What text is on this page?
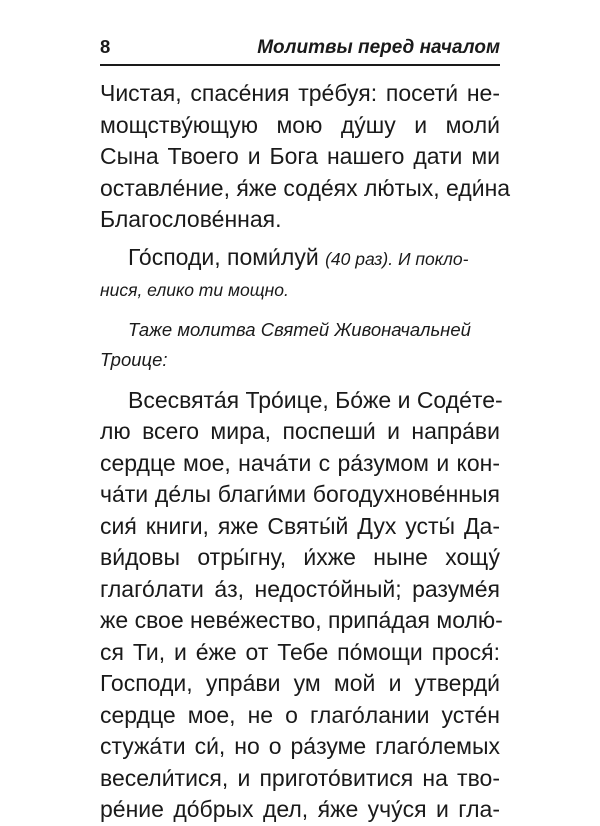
8	Молитвы перед началом
Чистая, спасе́ния тре́буя: посети́ не-
мощству́ющую мою ду́шу и моли́
Сына Твоего и Бога нашего дати ми
оставле́ние, я́же соде́ях лю́тых, еди́на
Благослове́нная.
Го́споди, поми́луй (40 раз). И покло-
нися, елико ти мощно.
Таже молитва Святей Живоначальней
Троице:
Всесвята́я Тро́ице, Бо́же и Соде́те-
лю всего мира, поспеши́ и напра́ви
сердце мое, нача́ти с ра́зумом и кон-
ча́ти де́лы благи́ми богодухнове́нныя
сия́ книги, яже Святы́й Дух усты́ Да-
ви́довы отры́гну, и́хже ныне хощу́
глаго́лати а́з, недосто́йный; разуме́я
же свое неве́жество, припа́дая молю́-
ся Ти, и е́же от Тебе по́мощи прося́:
Господи, упра́ви ум мой и утверди́
сердце мое, не о глаго́лании усте́н
стужа́ти си́, но о ра́зуме глаго́лемых
весели́тися, и пригото́витися на тво-
ре́ние до́брых дел, я́же учу́ся и гла-
